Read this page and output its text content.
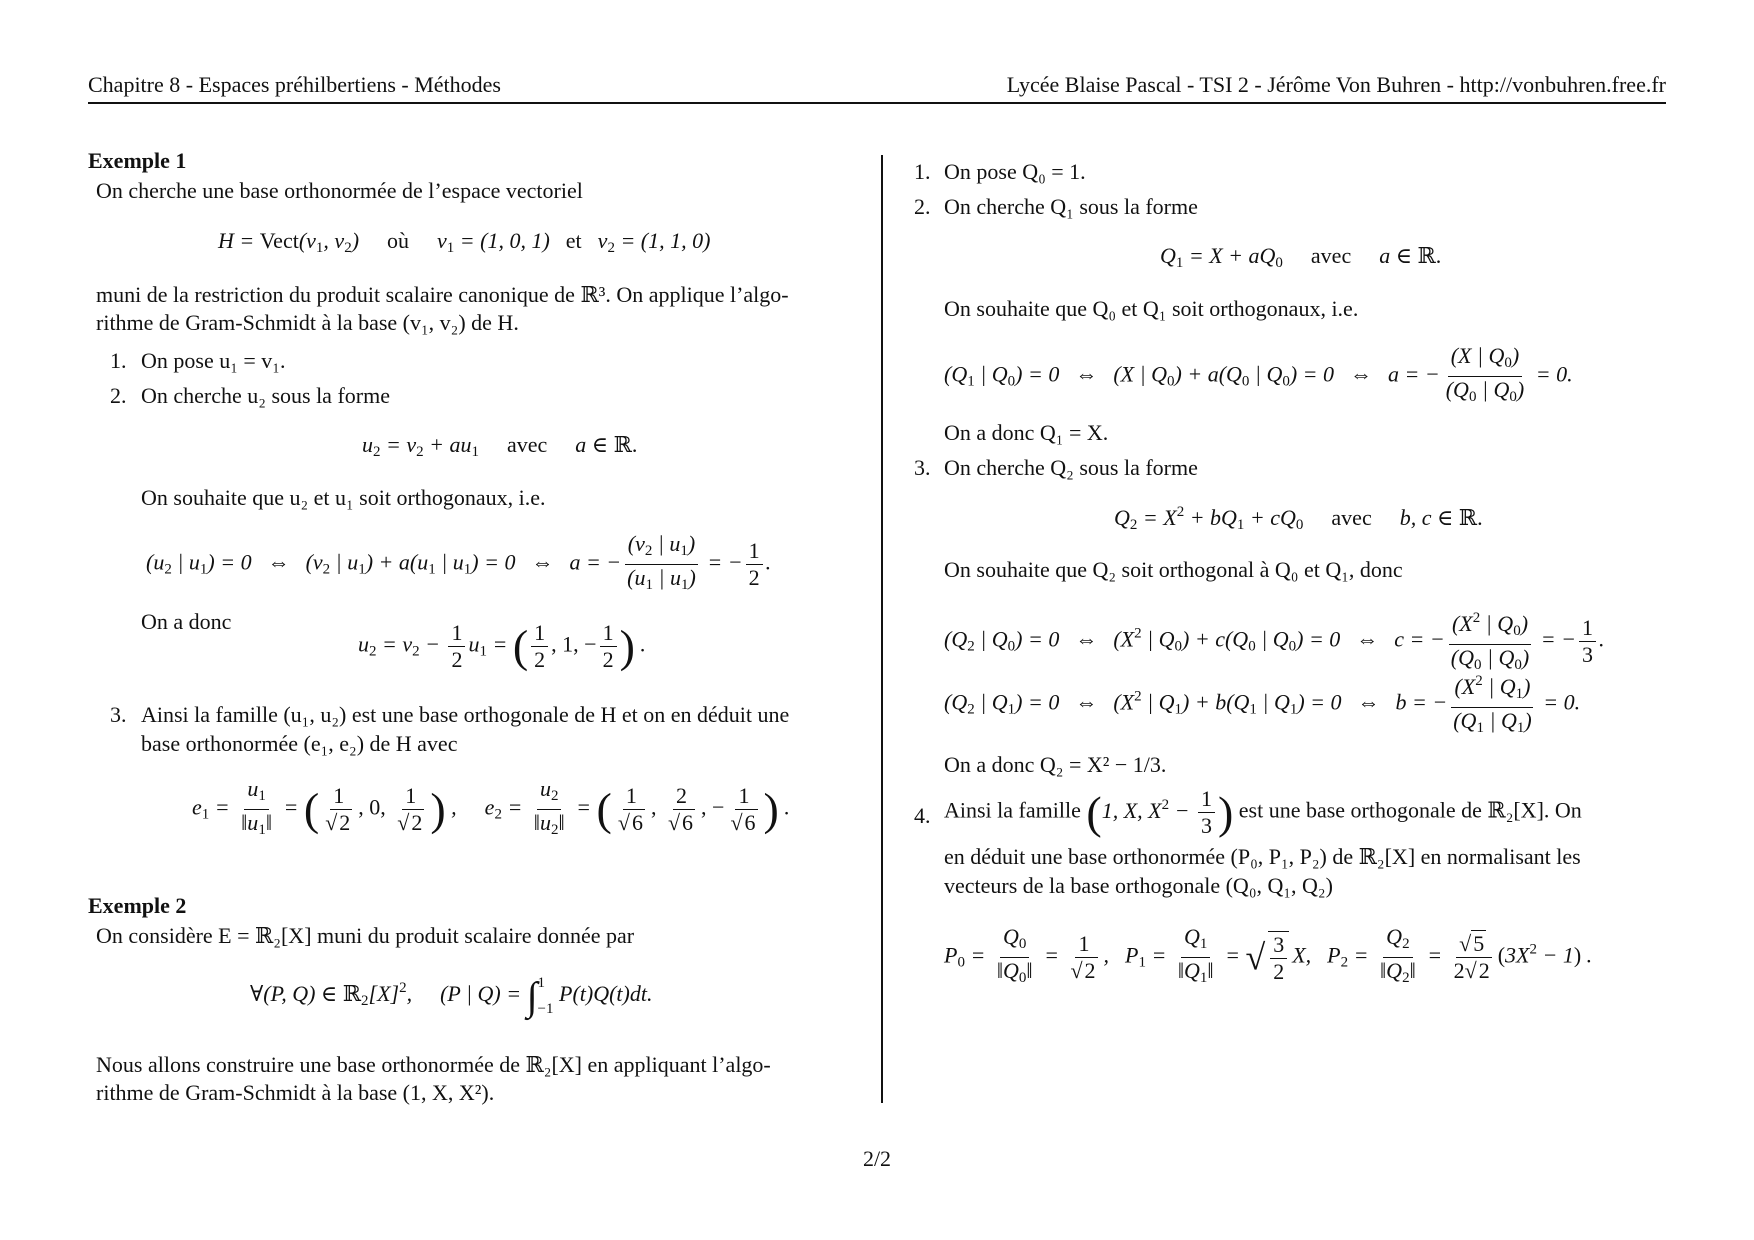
Chapitre 8 - Espaces préhilbertiens - Méthodes	Lycée Blaise Pascal - TSI 2 - Jérôme Von Buhren - http://vonbuhren.free.fr
Exemple 1
On cherche une base orthonormée de l’espace vectoriel
$H = Vect(v_1$, $v_2$) où $v_1 = (1$, 0, 1) et $v_2 = (1$, 1, 0)
muni de la restriction du produit scalaire canonique de ℝ³. On applique l’algo-
rithme de Gram-Schmidt à la base (v₁, v₂) de H.
1. On pose u₁ = v₁.
2. On cherche u₂ sous la forme
$u_2 = v_2 + au_1$ avec a ∈ ℝ.
On souhaite que u₂ et u₁ soit orthogonaux, i.e.
($u_2$ | $u_1) = 0$ ⇔ ($v_2$ | $u_1) + a(u_1$ | $u_1) = 0$ ⇔ a = − $\frac{(v_2 | u_1)}{(u_1 | u_1)}$ = − $\frac{1}{2}$ .
On a donc
$u_2 = v_2 - \frac{1}{2} u_1$ = ( $\frac{1}{2}$ , 1, − $\frac{1}{2}$ ) .
3. Ainsi la famille (u₁, u₂) est une base orthogonale de H et on en déduit une
base orthonormée (e₁, e₂) de H avec
$e_1 = \frac{u_1}{‖u_1‖}$ = ( $\frac{1}{√2}$ , 0, $\frac{1}{√2}$ ) , $e_2 = \frac{u_2}{‖u_2‖}$ = ( $\frac{1}{√6}$ , $\frac{2}{√6}$ , − $\frac{1}{√6}$ ) .
Exemple 2
On considère E = ℝ₂[X] muni du produit scalaire donnée par
∀(P, Q) ∈ $ℝ_2[X]^2$, (P | Q) = ∫ 1
−1
P(t)Q(t)dt.
Nous allons construire une base orthonormée de ℝ₂[X] en appliquant l’algo-
rithme de Gram-Schmidt à la base (1, X, X²).
1. On pose Q₀ = 1.
2. On cherche Q₁ sous la forme
$Q_1 = X + aQ_0$ avec a ∈ ℝ.
On souhaite que Q₀ et Q₁ soit orthogonaux, i.e.
($Q_1$ | $Q_0) = 0$ ⇔ (X | $Q_0) + a(Q_0$ | $Q_0) = 0$ ⇔ a = − $\frac{(X | Q_0)}{(Q_0 | Q_0)} = 0$.
On a donc Q₁ = X.
3. On cherche Q₂ sous la forme
$Q_2 = X^2 + bQ_1 + cQ_0$ avec b, c ∈ ℝ.
On souhaite que Q₂ soit orthogonal à Q₀ et Q₁, donc
($Q_2$ | $Q_0) = 0$ ⇔ ($X^2$ | $Q_0) + c(Q_0$ | $Q_0) = 0$ ⇔ c = − $\frac{(X^2 | Q_0)}{(Q_0 | Q_0)}$ = − $\frac{1}{3}$ .
($Q_2$ | $Q_1) = 0$ ⇔ ($X^2$ | $Q_1) + b(Q_1$ | $Q_1) = 0$ ⇔ b = − $\frac{(X^2 | Q_1)}{(Q_1 | Q_1)} = 0$.
On a donc Q₂ = X² − 1/3.
4. Ainsi la famille (1, X, $X^2 - \frac{1}{3}$ ) est une base orthogonale de ℝ₂[X]. On
en déduit une base orthonormée (P₀, P₁, P₂) de ℝ₂[X] en normalisant les
vecteurs de la base orthogonale (Q₀, Q₁, Q₂)
$P_0 = \frac{Q_0}{‖Q_0‖} = \frac{1}{√2}$ , $P_1 = \frac{Q_1}{‖Q_1‖}$ = √ $\frac{3}{2} X$, $P_2 = \frac{Q_2}{‖Q_2‖} = \frac{√5}{2√2} (3X^2 - 1)$ .
2/2
